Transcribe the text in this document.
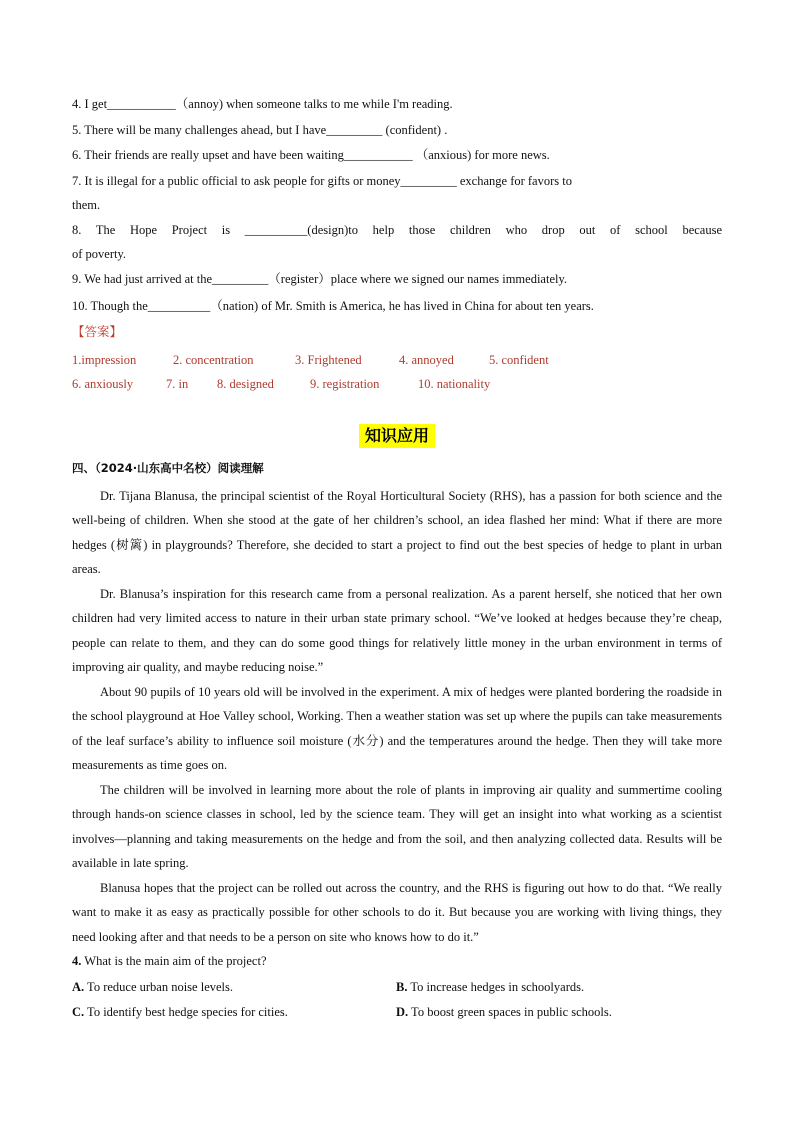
4. I get___________（annoy) when someone talks to me while I'm reading.
5. There will be many challenges ahead, but I have_________ (confident) .
6. Their friends are really upset and have been waiting___________ （anxious) for more news.
7. It is illegal for a public official to ask people for gifts or money_________ exchange for favors to
them.
8. The Hope Project is __________(design)to help those children who drop out of school because
of poverty.
9. We had just arrived at the_________（register）place where we signed our names immediately.
10. Though the__________（nation) of Mr. Smith is America, he has lived in China for about ten years.
【答案】
1.impression	2. concentration	3. Frightened	4. annoyed	5. confident
6. anxiously	7. in 8. designed	9. registration	10. nationality
知识应用
四、（2024·山东高中名校）阅读理解
Dr. Tijana Blanusa, the principal scientist of the Royal Horticultural Society (RHS), has a passion for both science and the well-being of children. When she stood at the gate of her children’s school, an idea flashed her mind: What if there are more hedges (树篱) in playgrounds? Therefore, she decided to start a project to find out the best species of hedge to plant in urban areas.
Dr. Blanusa’s inspiration for this research came from a personal realization. As a parent herself, she noticed that her own children had very limited access to nature in their urban state primary school. “We’ve looked at hedges because they’re cheap, people can relate to them, and they can do some good things for relatively little money in the urban environment in terms of improving air quality, and maybe reducing noise.”
About 90 pupils of 10 years old will be involved in the experiment. A mix of hedges were planted bordering the roadside in the school playground at Hoe Valley school, Working. Then a weather station was set up where the pupils can take measurements of the leaf surface’s ability to influence soil moisture (水分) and the temperatures around the hedge. Then they will take more measurements as time goes on.
The children will be involved in learning more about the role of plants in improving air quality and summertime cooling through hands-on science classes in school, led by the science team. They will get an insight into what working as a scientist involves—planning and taking measurements on the hedge and from the soil, and then analyzing collected data. Results will be available in late spring.
Blanusa hopes that the project can be rolled out across the country, and the RHS is figuring out how to do that. “We really want to make it as easy as practically possible for other schools to do it. But because you are working with living things, they need looking after and that needs to be a person on site who knows how to do it.”
4. What is the main aim of the project?
A. To reduce urban noise levels.	B. To increase hedges in schoolyards.
C. To identify best hedge species for cities.	D. To boost green spaces in public schools.
